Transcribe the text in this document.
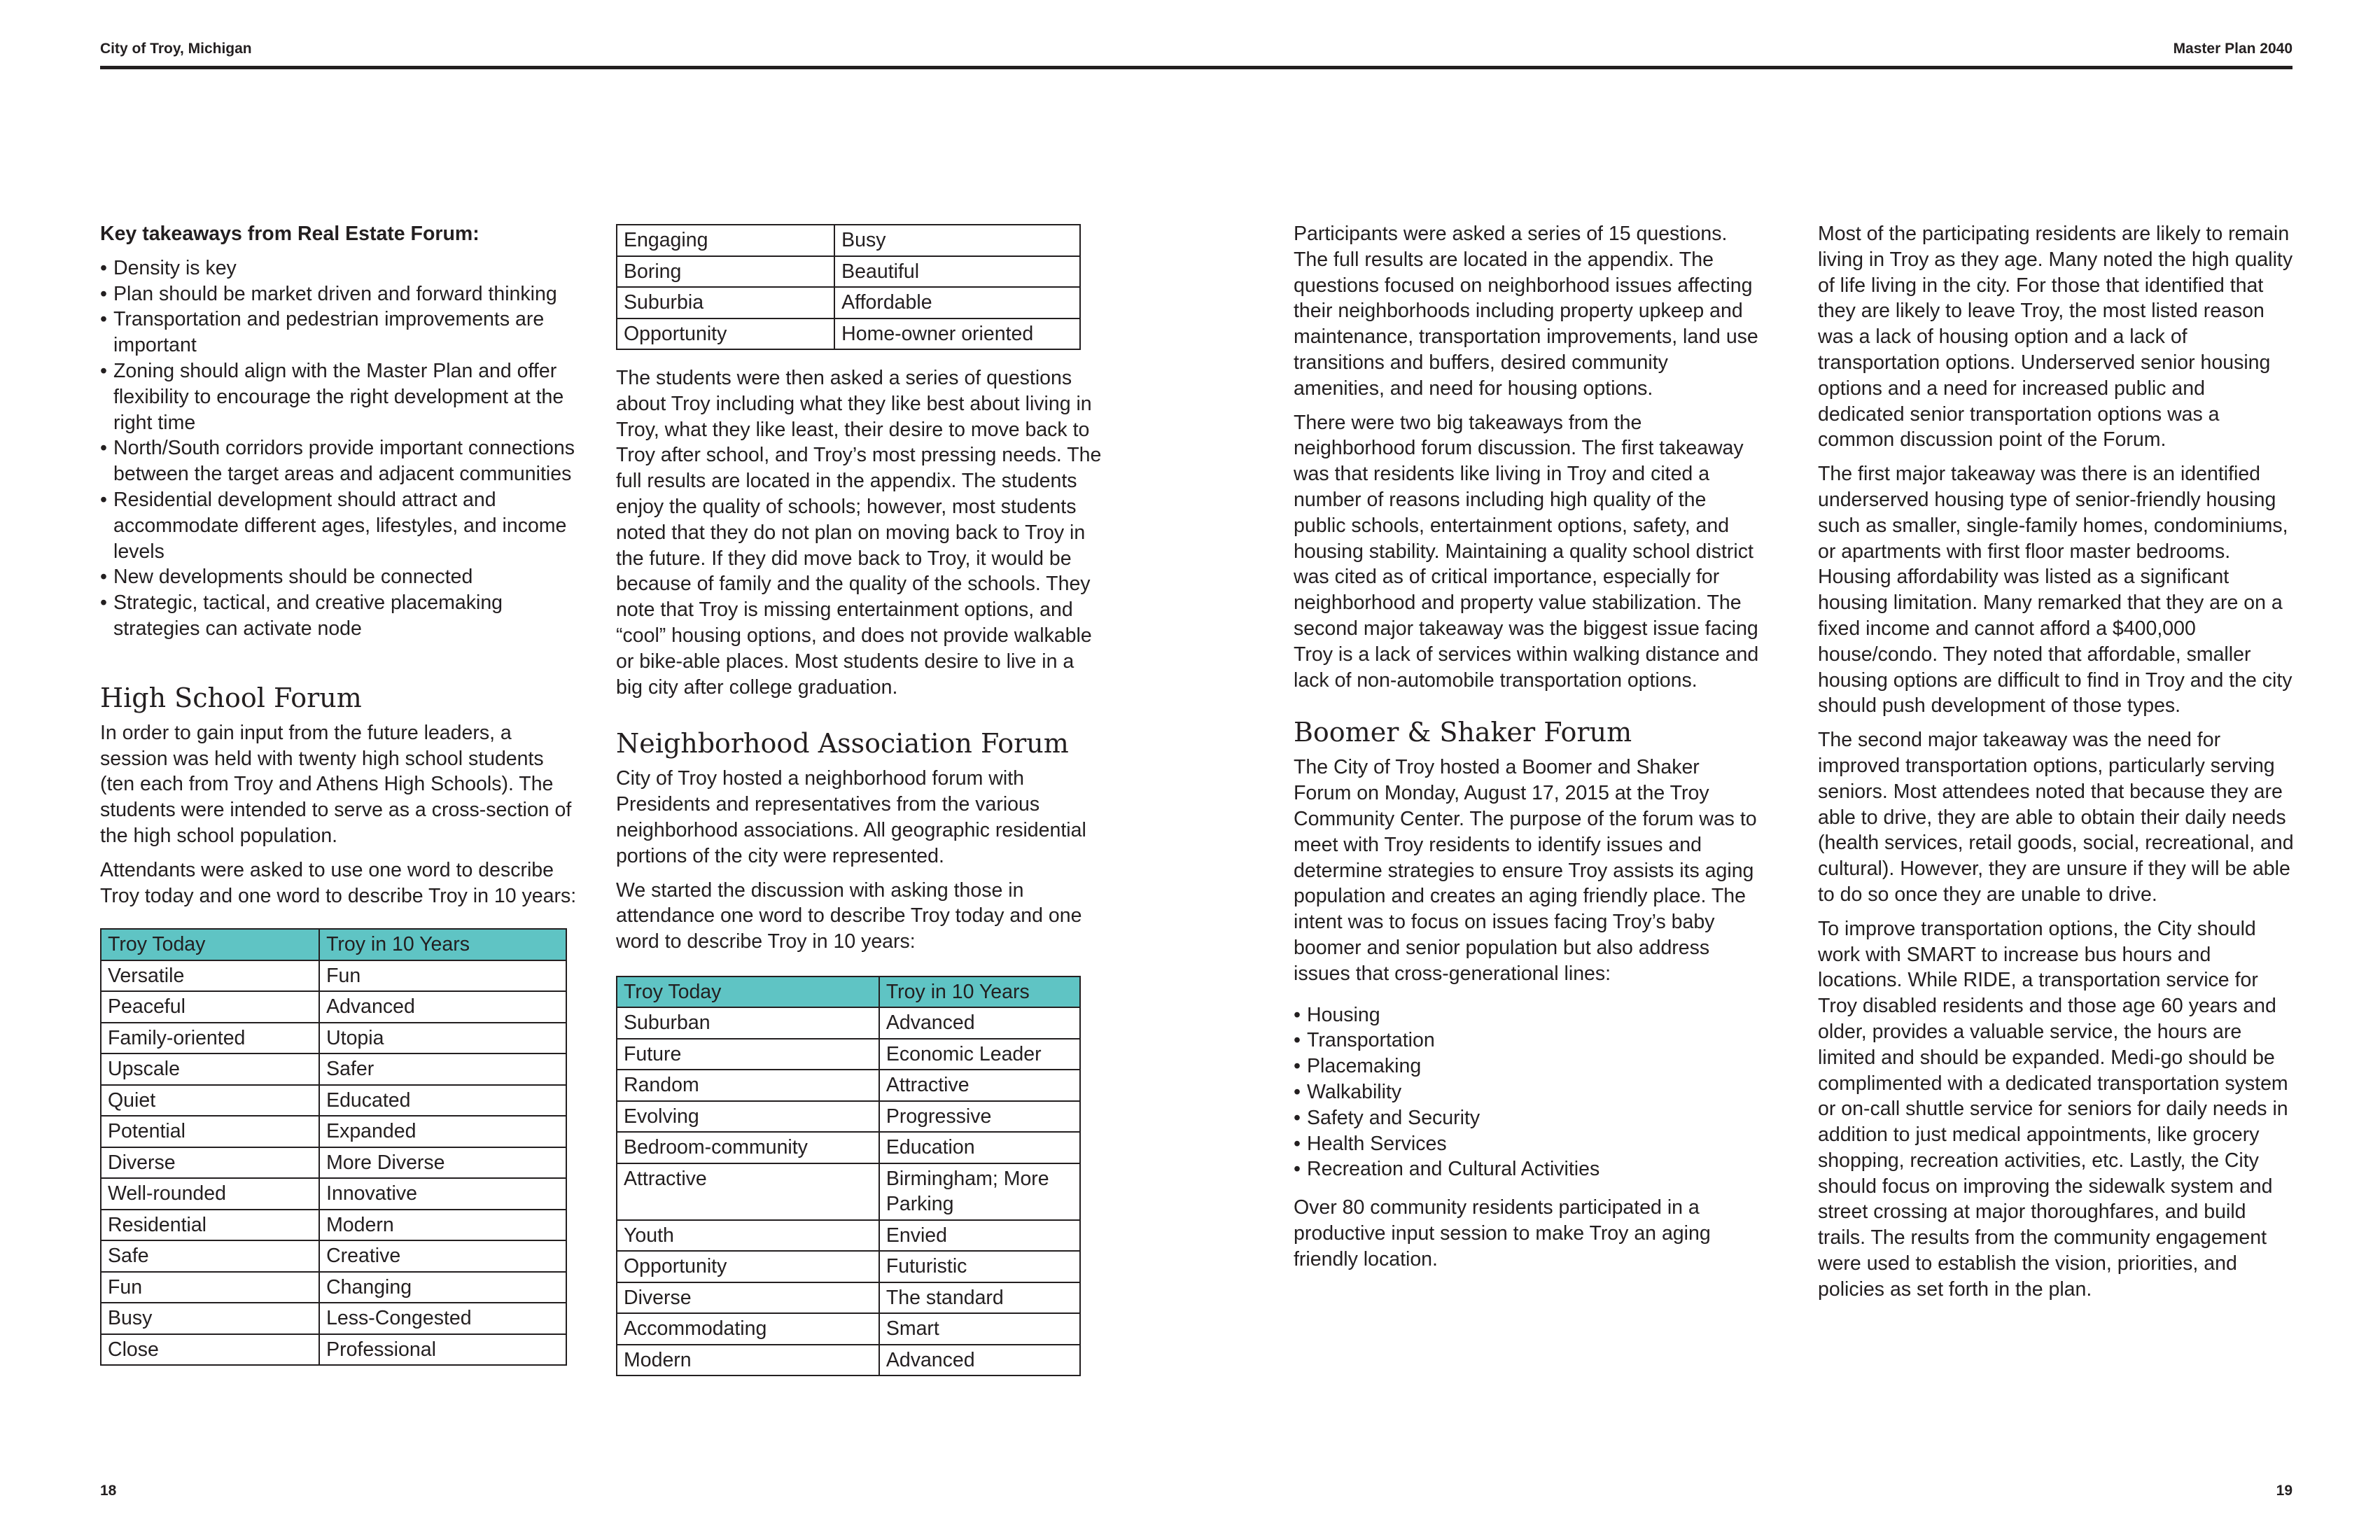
City of Troy, Michigan	Master Plan 2040

Key takeaways from Real Estate Forum:

• Density is key
• Plan should be market driven and forward thinking
• Transportation and pedestrian improvements are important
• Zoning should align with the Master Plan and offer flexibility to encourage the right development at the right time
• North/South corridors provide important connections between the target areas and adjacent communities
• Residential development should attract and accommodate different ages, lifestyles, and income levels
• New developments should be connected
• Strategic, tactical, and creative placemaking strategies can activate node
High School Forum

In order to gain input from the future leaders, a session was held with twenty high school students (ten each from Troy and Athens High Schools). The students were intended to serve as a cross-section of the high school population.

Attendants were asked to use one word to describe Troy today and one word to describe Troy in 10 years:

Troy Today	Troy in 10 Years
Versatile	Fun
Peaceful	Advanced
Family-oriented	Utopia
Upscale	Safer
Quiet	Educated
Potential	Expanded
Diverse	More Diverse
Well-rounded	Innovative
Residential	Modern
Safe	Creative
Fun	Changing
Busy	Less-Congested
Close	Professional
Engaging	Busy
Boring	Beautiful
Suburbia	Affordable
Opportunity	Home-owner oriented

The students were then asked a series of questions about Troy including what they like best about living in Troy, what they like least, their desire to move back to Troy after school, and Troy’s most pressing needs. The full results are located in the appendix. The students enjoy the quality of schools; however, most students noted that they do not plan on moving back to Troy in the future. If they did move back to Troy, it would be because of family and the quality of the schools. They note that Troy is missing entertainment options, and “cool” housing options, and does not provide walkable or bike-able places. Most students desire to live in a big city after college graduation.

Neighborhood Association Forum

City of Troy hosted a neighborhood forum with Presidents and representatives from the various neighborhood associations. All geographic residential portions of the city were represented.

We started the discussion with asking those in attendance one word to describe Troy today and one word to describe Troy in 10 years:

Troy Today	Troy in 10 Years
Suburban	Advanced
Future	Economic Leader
Random	Attractive
Evolving	Progressive
Bedroom-community	Education
Attractive	Birmingham; More Parking
Youth	Envied
Opportunity	Futuristic
Diverse	The standard
Accommodating	Smart
Modern	Advanced

Participants were asked a series of 15 questions. The full results are located in the appendix. The questions focused on neighborhood issues affecting their neighborhoods including property upkeep and maintenance, transportation improvements, land use transitions and buffers, desired community amenities, and need for housing options.

There were two big takeaways from the neighborhood forum discussion. The first takeaway was that residents like living in Troy and cited a number of reasons including high quality of the public schools, entertainment options, safety, and housing stability. Maintaining a quality school district was cited as of critical importance, especially for neighborhood and property value stabilization. The second major takeaway was the biggest issue facing Troy is a lack of services within walking distance and lack of non-automobile transportation options.

Boomer & Shaker Forum

The City of Troy hosted a Boomer and Shaker Forum on Monday, August 17, 2015 at the Troy Community Center. The purpose of the forum was to meet with Troy residents to identify issues and determine strategies to ensure Troy assists its aging population and creates an aging friendly place. The intent was to focus on issues facing Troy’s baby boomer and senior population but also address issues that cross-generational lines:

• Housing
• Transportation
• Placemaking
• Walkability
• Safety and Security
• Health Services
• Recreation and Cultural Activities

Over 80 community residents participated in a productive input session to make Troy an aging friendly location.

Most of the participating residents are likely to remain living in Troy as they age. Many noted the high quality of life living in the city. For those that identified that they are likely to leave Troy, the most listed reason was a lack of housing option and a lack of transportation options. Underserved senior housing options and a need for increased public and dedicated senior transportation options was a common discussion point of the Forum.

The first major takeaway was there is an identified underserved housing type of senior-friendly housing such as smaller, single-family homes, condominiums, or apartments with first floor master bedrooms. Housing affordability was listed as a significant housing limitation. Many remarked that they are on a fixed income and cannot afford a $400,000 house/condo. They noted that affordable, smaller housing options are difficult to find in Troy and the city should push development of those types.

The second major takeaway was the need for improved transportation options, particularly serving seniors. Most attendees noted that because they are able to drive, they are able to obtain their daily needs (health services, retail goods, social, recreational, and cultural). However, they are unsure if they will be able to do so once they are unable to drive.

To improve transportation options, the City should work with SMART to increase bus hours and locations. While RIDE, a transportation service for Troy disabled residents and those age 60 years and older, provides a valuable service, the hours are limited and should be expanded. Medi-go should be complimented with a dedicated transportation system or on-call shuttle service for seniors for daily needs in addition to just medical appointments, like grocery shopping, recreation activities, etc. Lastly, the City should focus on improving the sidewalk system and street crossing at major thoroughfares, and build trails. The results from the community engagement were used to establish the vision, priorities, and policies as set forth in the plan.

18	19
